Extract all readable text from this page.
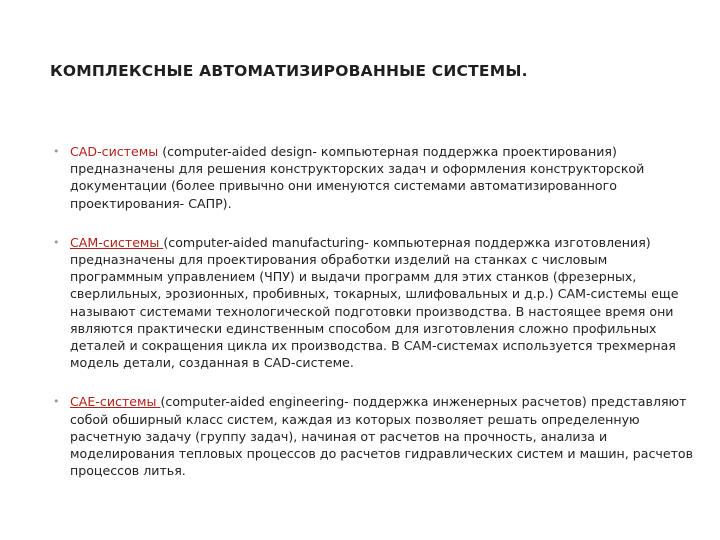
КОМПЛЕКСНЫЕ АВТОМАТИЗИРОВАННЫЕ СИСТЕМЫ.
• CAD-системы (computer-aided design- компьютерная поддержка проектирования) предназначены для решения конструкторских задач и оформления конструкторской документации (более привычно они именуются системами автоматизированного проектирования- САПР).
• CAM-системы (computer-aided manufacturing- компьютерная поддержка изготовления) предназначены для проектирования обработки изделий на станках с числовым программным управлением (ЧПУ) и выдачи программ для этих станков (фрезерных, сверлильных, эрозионных, пробивных, токарных, шлифовальных и д.р.) CAM-системы еще называют системами технологической подготовки производства. В настоящее время они являются практически единственным способом для изготовления сложно профильных деталей и сокращения цикла их производства. В CAM-системах используется трехмерная модель детали, созданная в CAD-системе.
• CAE-системы (computer-aided engineering- поддержка инженерных расчетов) представляют собой обширный класс систем, каждая из которых позволяет решать определенную расчетную задачу (группу задач), начиная от расчетов на прочность, анализа и моделирования тепловых процессов до расчетов гидравлических систем и машин, расчетов процессов литья.
